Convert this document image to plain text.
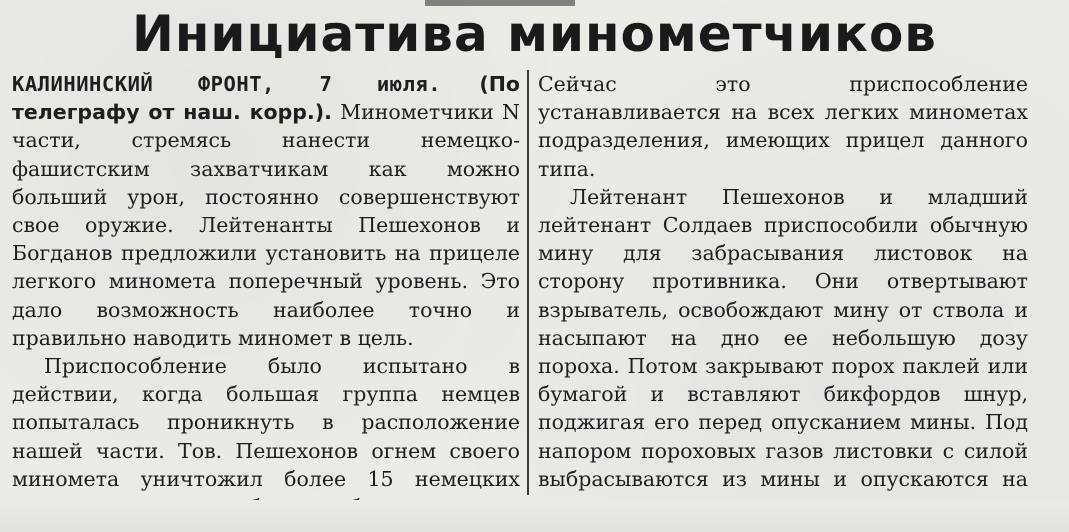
Инициатива минометчиков

КАЛИНИНСКИЙ ФРОНТ, 7 июля. (По телеграфу от наш. корр.). Минометчики N части, стремясь нанести немецко-фашистским захватчикам как можно больший урон, постоянно совершенствуют свое оружие. Лейтенанты Пешехонов и Богданов предложили установить на прицеле легкого миномета поперечный уровень. Это дало возможность наиболее точно и правильно наводить миномет в цель.

Приспособление было испытано в действии, когда большая группа немцев попыталась проникнуть в расположение нашей части. Тов. Пешехонов огнем своего миномета уничтожил более 15 немецких

Сейчас это приспособление устанавливается на всех легких минометах подразделения, имеющих прицел данного типа.

Лейтенант Пешехонов и младший лейтенант Солдаев приспособили обычную мину для забрасывания листовок на сторону противника. Они отвертывают взрыватель, освобождают мину от ствола и насыпают на дно ее небольшую дозу пороха. Потом закрывают порох паклей или бумагой и вставляют бикфордов шнур, поджигая его перед опусканием мины. Под напором пороховых газов листовки с силой выбрасываются из мины и опускаются на
